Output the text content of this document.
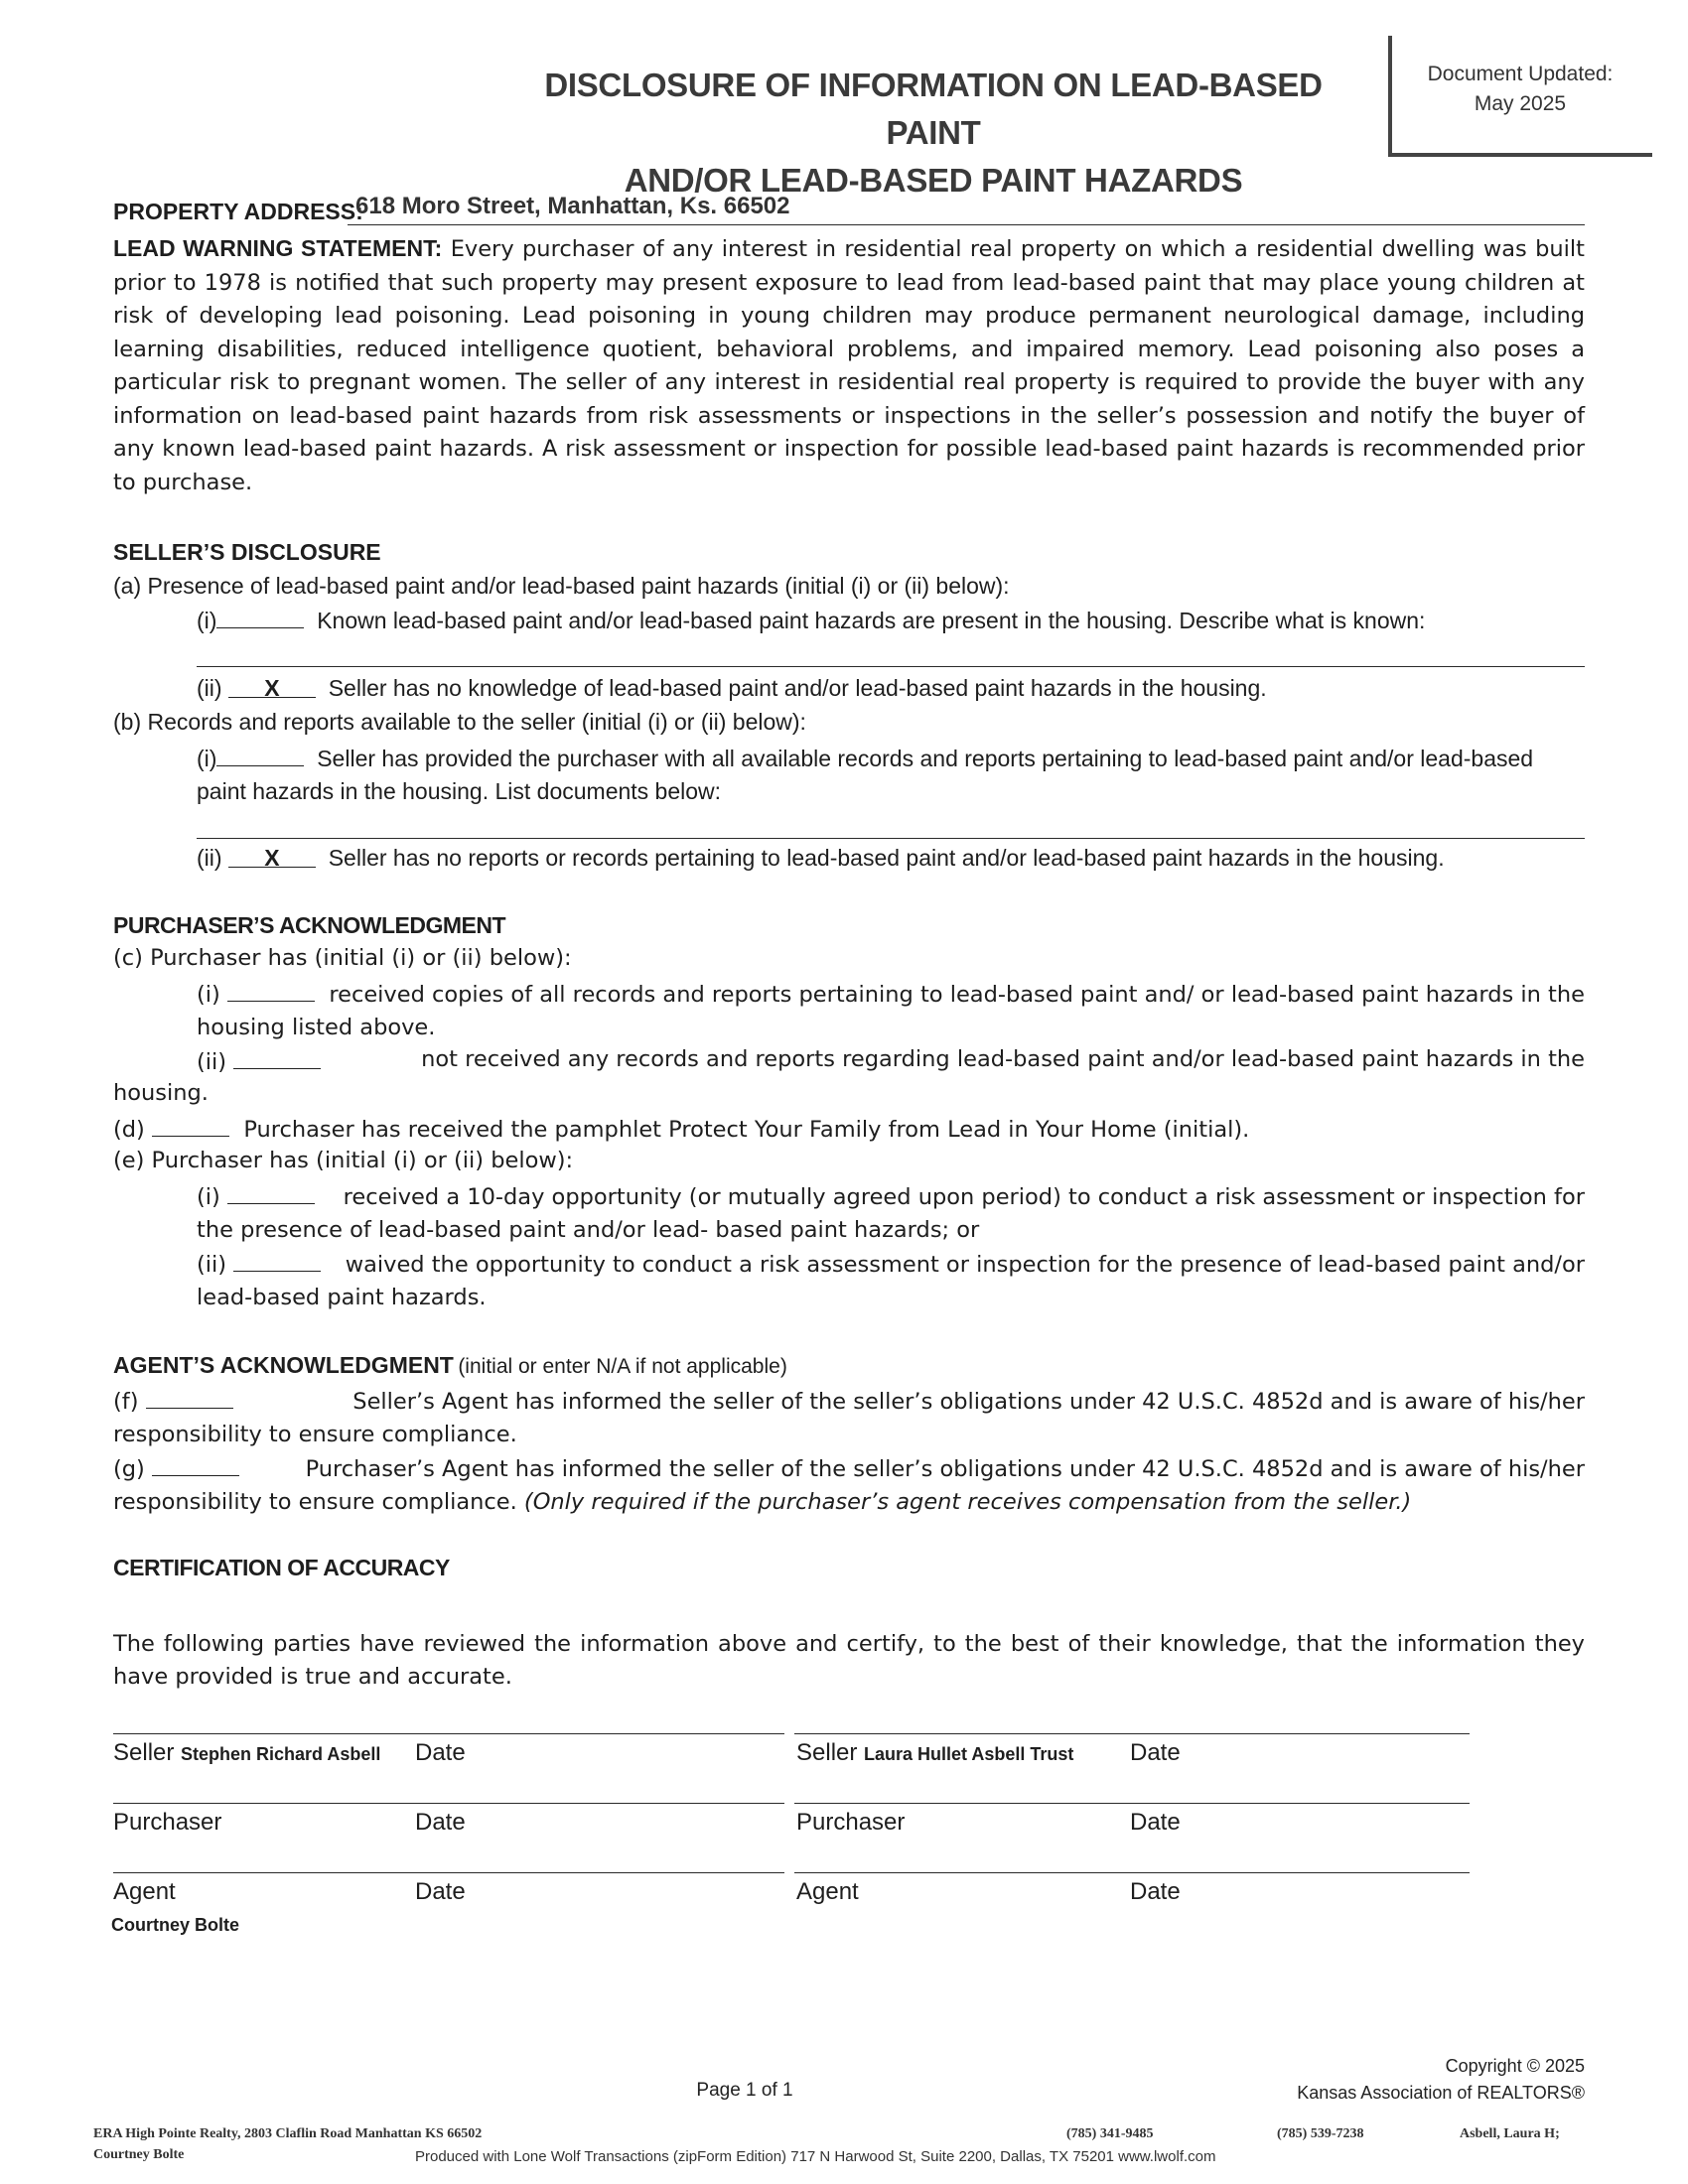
DISCLOSURE OF INFORMATION ON LEAD-BASED PAINT
AND/OR LEAD-BASED PAINT HAZARDS
Document Updated:
May 2025
PROPERTY ADDRESS:
618 Moro Street, Manhattan, Ks. 66502
LEAD WARNING STATEMENT: Every purchaser of any interest in residential real property on which a residential dwelling was built prior to 1978 is notified that such property may present exposure to lead from lead-based paint that may place young children at risk of developing lead poisoning. Lead poisoning in young children may produce permanent neurological damage, including learning disabilities, reduced intelligence quotient, behavioral problems, and impaired memory. Lead poisoning also poses a particular risk to pregnant women. The seller of any interest in residential real property is required to provide the buyer with any information on lead-based paint hazards from risk assessments or inspections in the seller’s possession and notify the buyer of any known lead-based paint hazards. A risk assessment or inspection for possible lead-based paint hazards is recommended prior to purchase.
SELLER’S DISCLOSURE
(a) Presence of lead-based paint and/or lead-based paint hazards (initial (i) or (ii) below):
(i)	Known lead-based paint and/or lead-based paint hazards are present in the housing. Describe what is known:
(ii) X Seller has no knowledge of lead-based paint and/or lead-based paint hazards in the housing.
(b) Records and reports available to the seller (initial (i) or (ii) below):
(i)	Seller has provided the purchaser with all available records and reports pertaining to lead-based paint and/or lead-based
paint hazards in the housing. List documents below:
(ii) X Seller has no reports or records pertaining to lead-based paint and/or lead-based paint hazards in the housing.
PURCHASER’S ACKNOWLEDGMENT
(c) Purchaser has (initial (i) or (ii) below):
(i)	received copies of all records and reports pertaining to lead-based paint and/ or lead-based paint hazards in the
housing listed above.
(ii)	not received any records and reports regarding lead-based paint and/or lead-based paint hazards in the
housing.
(d)	Purchaser has received the pamphlet Protect Your Family from Lead in Your Home (initial).
(e) Purchaser has (initial (i) or (ii) below):
(i)	received a 10-day opportunity (or mutually agreed upon period) to conduct a risk assessment or inspection for
the presence of lead-based paint and/or lead- based paint hazards; or
(ii)	waived the opportunity to conduct a risk assessment or inspection for the presence of lead-based paint and/or
lead-based paint hazards.
AGENT’S ACKNOWLEDGMENT (initial or enter N/A if not applicable)
(f)	Seller’s Agent has informed the seller of the seller’s obligations under 42 U.S.C. 4852d and is aware of his/her
responsibility to ensure compliance.
(g)	Purchaser’s Agent has informed the seller of the seller’s obligations under 42 U.S.C. 4852d and is aware of his/her
responsibility to ensure compliance. (Only required if the purchaser’s agent receives compensation from the seller.)
CERTIFICATION OF ACCURACY
The following parties have reviewed the information above and certify, to the best of their knowledge, that the information they have provided is true and accurate.
Seller Stephen Richard Asbell Date	Seller Laura Hullet Asbell Trust Date
Purchaser	Date	Purchaser	Date
Agent	Date	Agent	Date
Courtney Bolte
Copyright © 2025
Kansas Association of REALTORS®
Page 1 of 1
ERA High Pointe Realty, 2803 Claflin Road Manhattan KS 66502	(785) 341-9485	(785) 539-7238	Asbell, Laura H;
Courtney Bolte	Produced with Lone Wolf Transactions (zipForm Edition) 717 N Harwood St, Suite 2200, Dallas, TX 75201 www.lwolf.com
